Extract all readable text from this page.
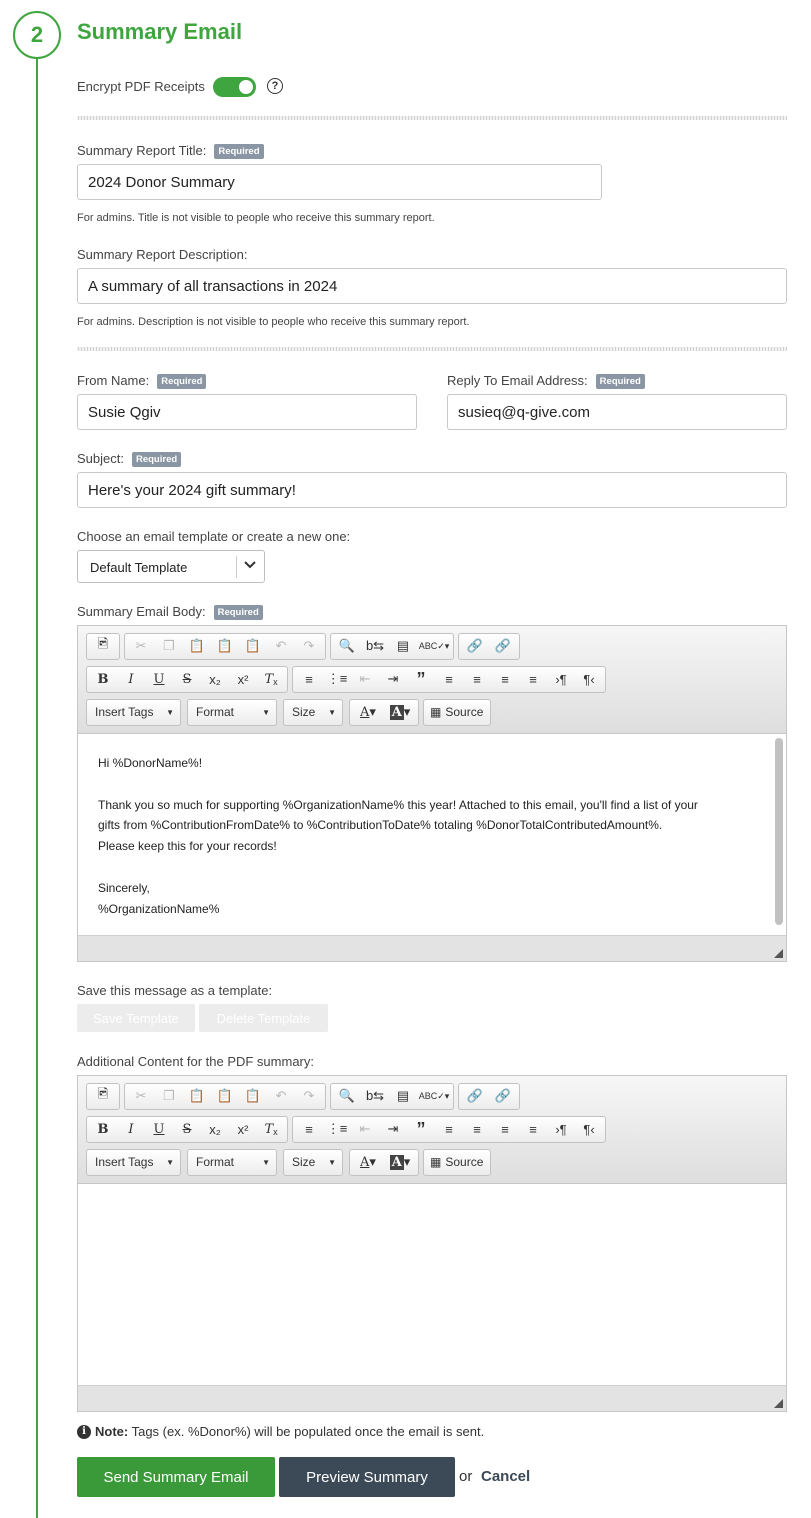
2	Summary Email
Encrypt PDF Receipts	?
Summary Report Title: Required
2024 Donor Summary
For admins. Title is not visible to people who receive this summary report.
Summary Report Description:
A summary of all transactions in 2024
For admins. Description is not visible to people who receive this summary report.
From Name: Required
Susie Qgiv
Reply To Email Address: Required
susieq@q-give.com
Subject: Required
Here's your 2024 gift summary!
Choose an email template or create a new one:
Default Template
Summary Email Body: Required
🖻	✂	❐	📋 📋 📋	↶	↷	🔍 b⇆ ▤	ABC✓▾	🔗 🔗
B I U S	x₂	x²	T ₓ	≡	⋮≡ ⇤	⇥	”	≡	≡	≡	≡	›¶	¶‹
Insert Tags ▼ Format	▼ Size ▼ A ▾	A ▾	▦ Source

Hi %DonorName%!

Thank you so much for supporting %OrganizationName% this year! Attached to this email, you'll find a list of your

gifts from %ContributionFromDate% to %ContributionToDate% totaling %DonorTotalContributedAmount%.

Please keep this for your records!

Sincerely,

%OrganizationName%

Save this message as a template:
Save Template	Delete Template
Additional Content for the PDF summary:
🖻	✂	❐	📋 📋 📋	↶	↷	🔍 b⇆ ▤	ABC✓▾	🔗 🔗
B I U S	x₂	x²	T ₓ	≡	⋮≡ ⇤	⇥	”	≡	≡	≡	≡	›¶	¶‹
Insert Tags ▼ Format	▼ Size ▼ A ▾	A ▾	▦ Source
i Note: Tags (ex. %Donor%) will be populated once the email is sent.
Send Summary Email	Preview Summary	or Cancel
